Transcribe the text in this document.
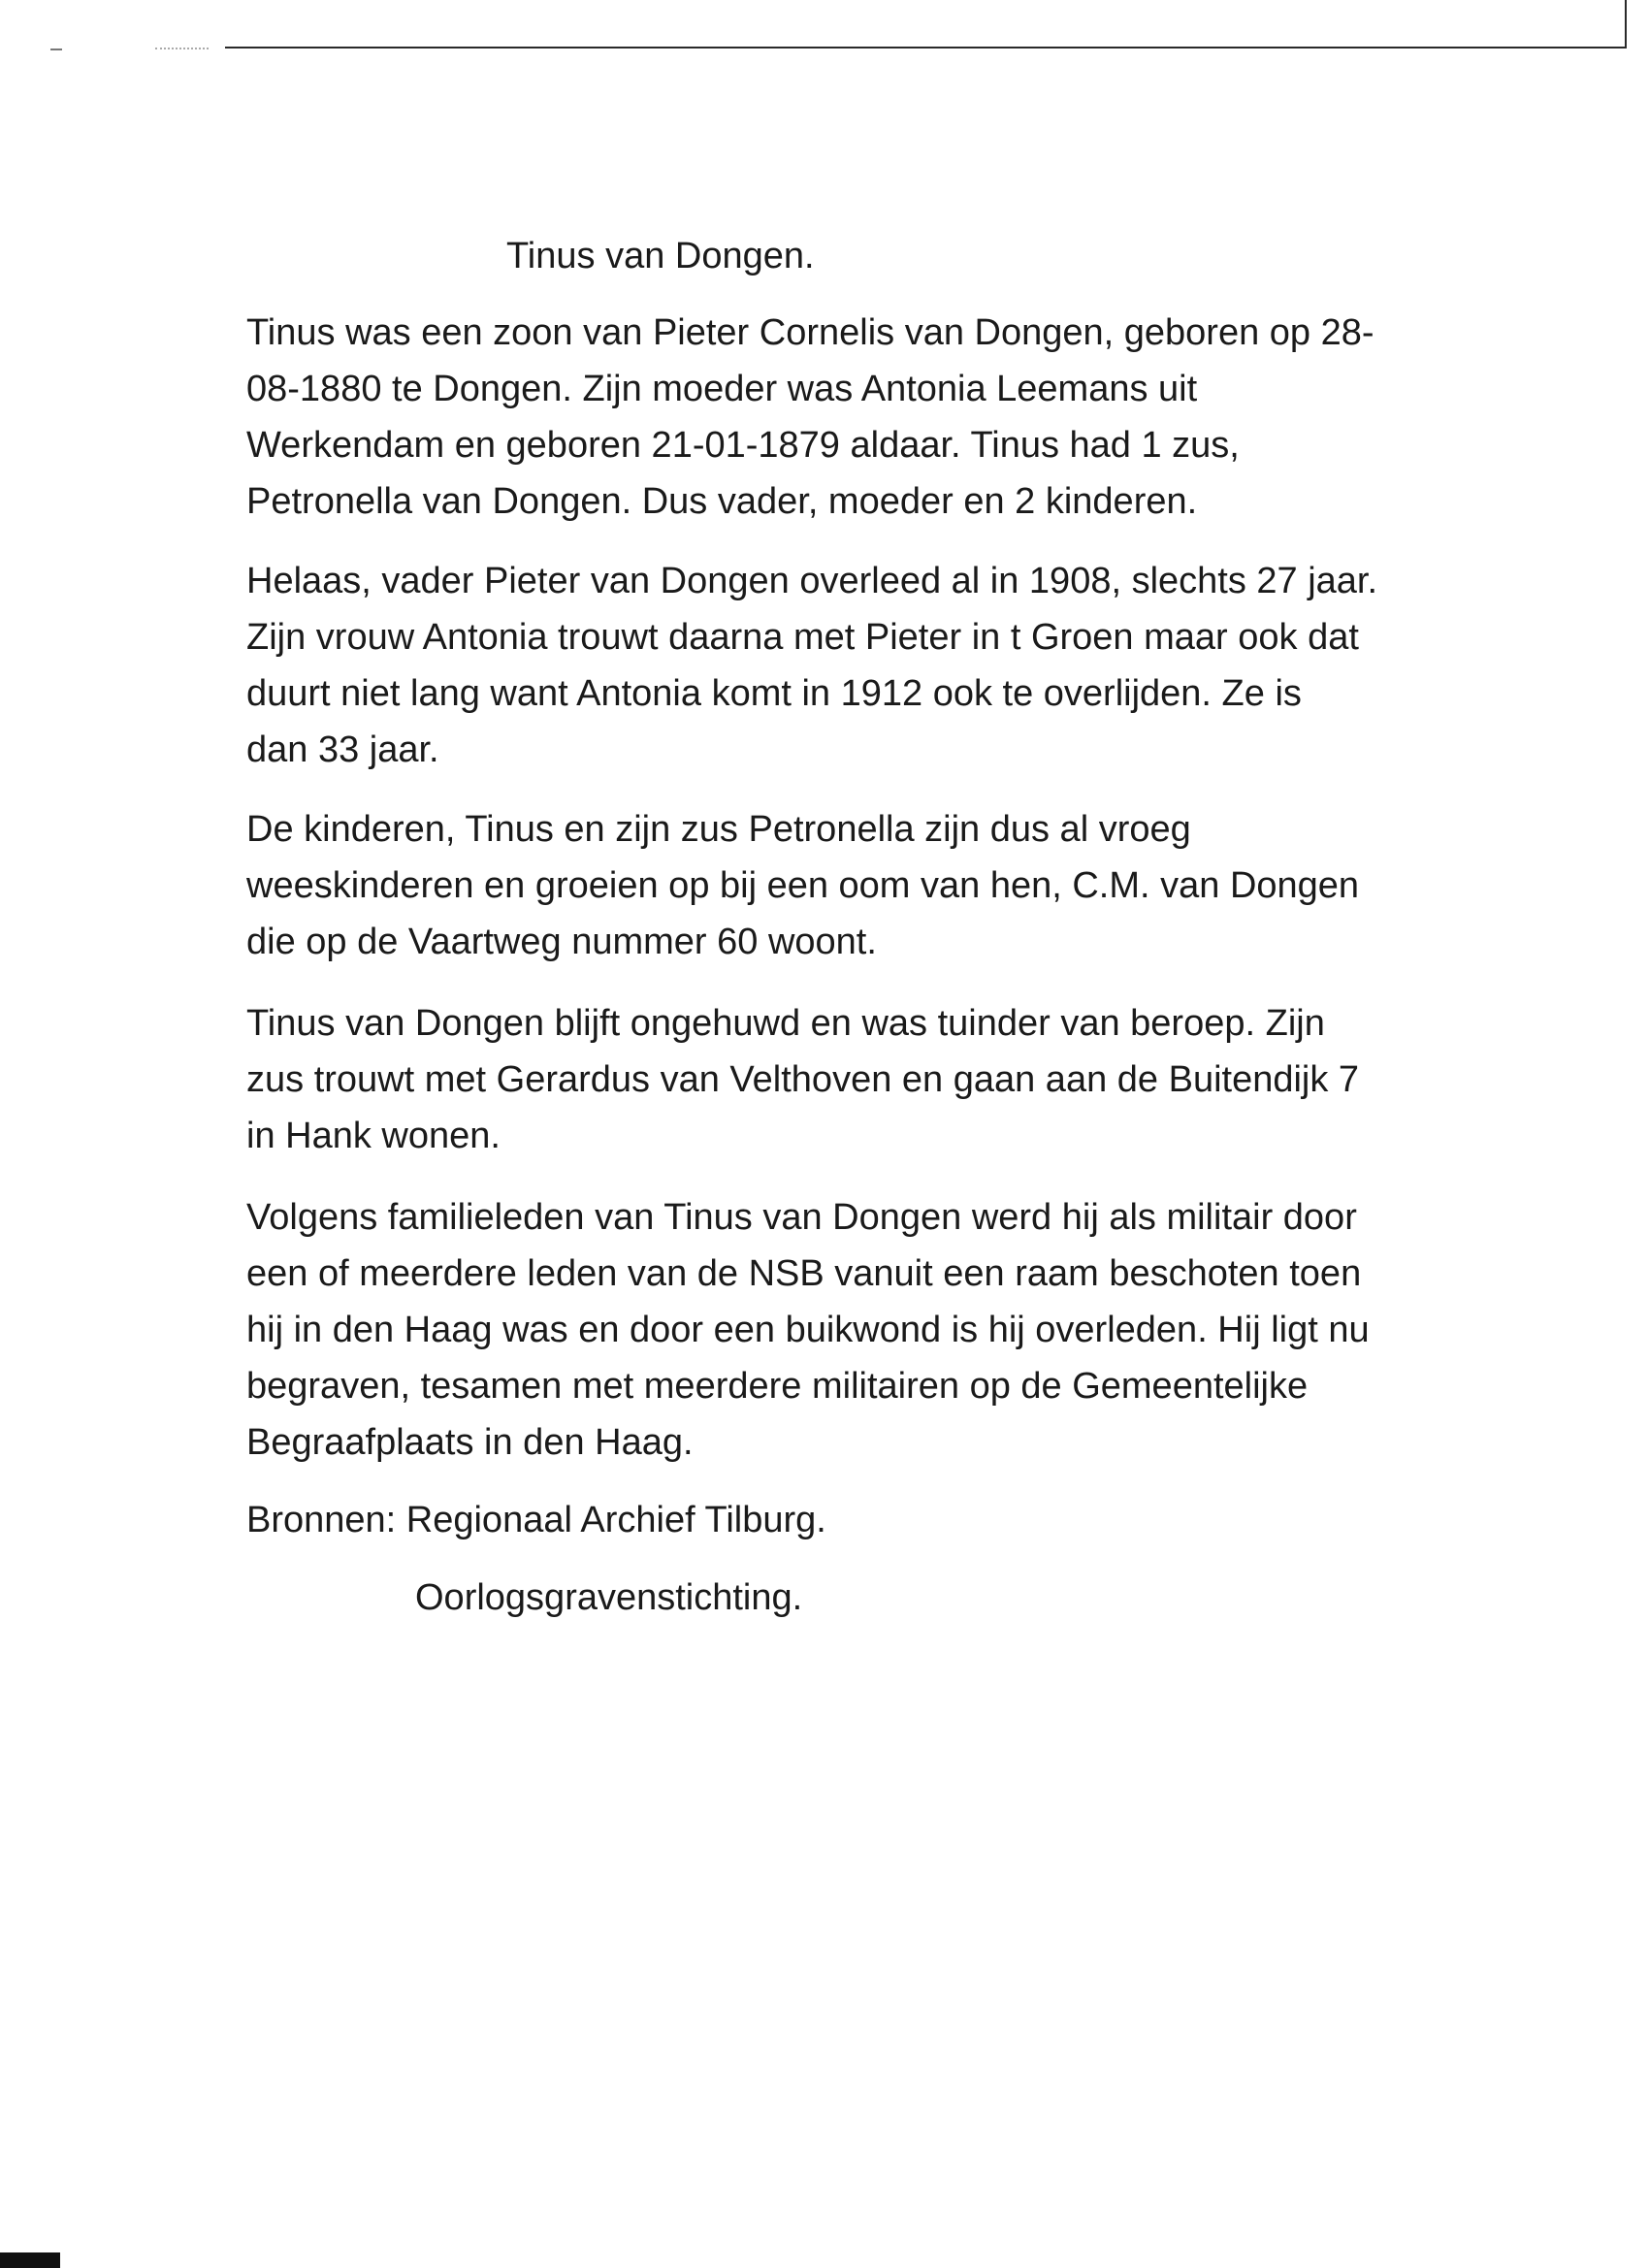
Tinus van Dongen.
Tinus was een zoon van Pieter Cornelis van Dongen, geboren op 28-
08-1880 te Dongen. Zijn moeder was Antonia Leemans uit
Werkendam en geboren 21-01-1879 aldaar. Tinus had 1 zus,
Petronella van Dongen. Dus vader, moeder en 2 kinderen.
Helaas, vader Pieter van Dongen overleed al in 1908, slechts 27 jaar.
Zijn vrouw Antonia trouwt daarna met Pieter in t Groen maar ook dat
duurt niet lang want Antonia komt in 1912 ook te overlijden. Ze is
dan 33 jaar.
De kinderen, Tinus en zijn zus Petronella zijn dus al vroeg
weeskinderen en groeien op bij een oom van hen, C.M. van Dongen
die op de Vaartweg nummer 60 woont.
Tinus van Dongen blijft ongehuwd en was tuinder van beroep. Zijn
zus trouwt met Gerardus van Velthoven en gaan aan de Buitendijk 7
in Hank wonen.
Volgens familieleden van Tinus van Dongen werd hij als militair door
een of meerdere leden van de NSB vanuit een raam beschoten toen
hij in den Haag was en door een buikwond is hij overleden. Hij ligt nu
begraven, tesamen met meerdere militairen op de Gemeentelijke
Begraafplaats in den Haag.
Bronnen: Regionaal Archief Tilburg.
Oorlogsgravenstichting.
